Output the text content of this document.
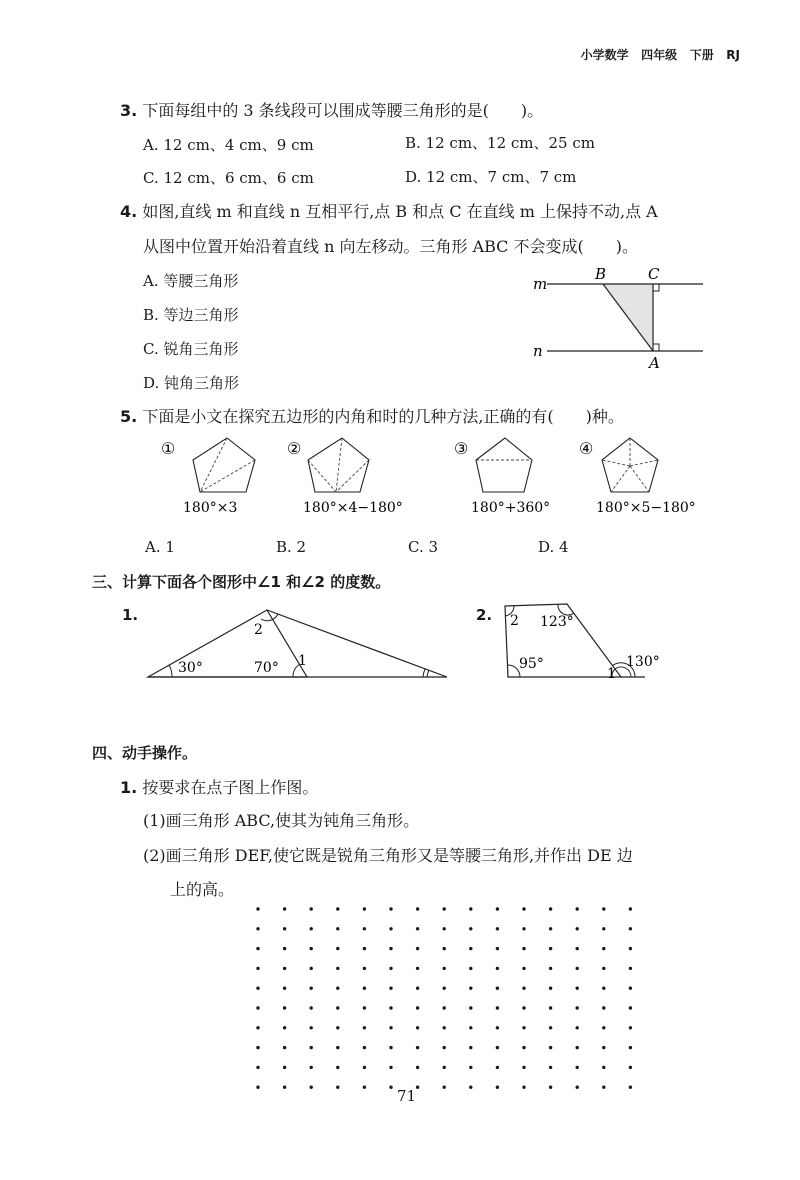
小学数学 四年级 下册 RJ
3. 下面每组中的 3 条线段可以围成等腰三角形的是(　　)。
A. 12 cm、4 cm、9 cm	B. 12 cm、12 cm、25 cm
C. 12 cm、6 cm、6 cm	D. 12 cm、7 cm、7 cm
4. 如图,直线 m 和直线 n 互相平行,点 B 和点 C 在直线 m 上保持不动,点 A
从图中位置开始沿着直线 n 向左移动。三角形 ABC 不会变成(　　)。
A. 等腰三角形
B. 等边三角形
C. 锐角三角形
D. 钝角三角形
m
n
B	C
A
5. 下面是小文在探究五边形的内角和时的几种方法,正确的有(　　)种。
①	②	③	④
180°×3	180°×4−180°	180°+360°	180°×5−180°
A. 1	B. 2	C. 3	D. 4
三、计算下面各个图形中∠1 和∠2 的度数。
1.	2.
30°
2
70° 1
2 123°
95°
1
130°
四、动手操作。
1. 按要求在点子图上作图。
(1)画三角形 ABC,使其为钝角三角形。
(2)画三角形 DEF,使它既是锐角三角形又是等腰三角形,并作出 DE 边
上的高。
71
